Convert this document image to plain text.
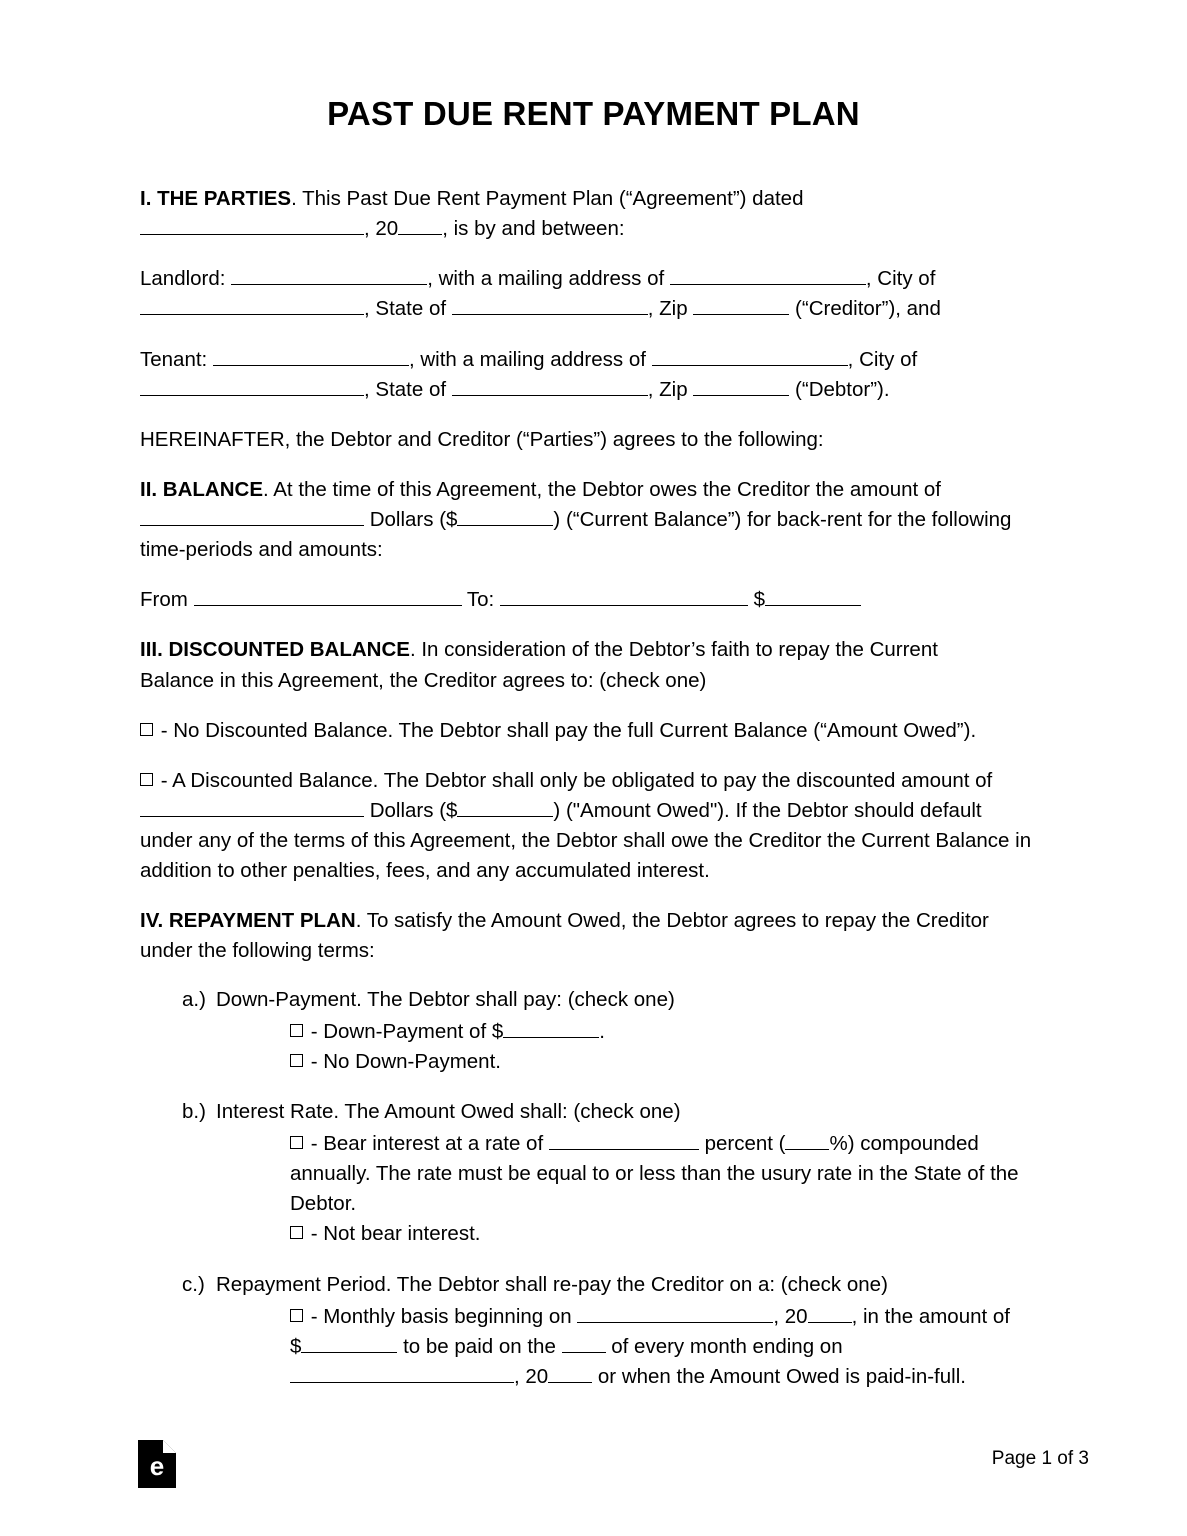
PAST DUE RENT PAYMENT PLAN

I. THE PARTIES. This Past Due Rent Payment Plan (“Agreement”) dated
, 20 , is by and between:

Landlord:	, with a mailing address of	, City of
, State of	, Zip	(“Creditor”), and

Tenant:	, with a mailing address of	, City of
, State of	, Zip	(“Debtor”).

HEREINAFTER, the Debtor and Creditor (“Parties”) agrees to the following:

II. BALANCE. At the time of this Agreement, the Debtor owes the Creditor the amount of
Dollars ($	) (“Current Balance”) for back-rent for the following
time-periods and amounts:

From	To:	$

III. DISCOUNTED BALANCE. In consideration of the Debtor’s faith to repay the Current
Balance in this Agreement, the Creditor agrees to: (check one)

- No Discounted Balance. The Debtor shall pay the full Current Balance (“Amount Owed”).

- A Discounted Balance. The Debtor shall only be obligated to pay the discounted amount of
Dollars ($	) ("Amount Owed"). If the Debtor should default
under any of the terms of this Agreement, the Debtor shall owe the Creditor the Current Balance in addition to other penalties, fees, and any accumulated interest.

IV. REPAYMENT PLAN. To satisfy the Amount Owed, the Debtor agrees to repay the Creditor
under the following terms:

a.) Down-Payment. The Debtor shall pay: (check one)

- Down-Payment of $	.

- No Down-Payment.

b.) Interest Rate. The Amount Owed shall: (check one)

- Bear interest at a rate of	percent ( %) compounded annually. The rate must be equal to or less than the usury rate in the State of the Debtor.

- Not bear interest.

c.) Repayment Period. The Debtor shall re-pay the Creditor on a: (check one)

- Monthly basis beginning on	, 20 , in the amount of
$	to be paid on the	of every month ending on
, 20 or when the Amount Owed is paid-in-full.

e	Page 1 of 3
